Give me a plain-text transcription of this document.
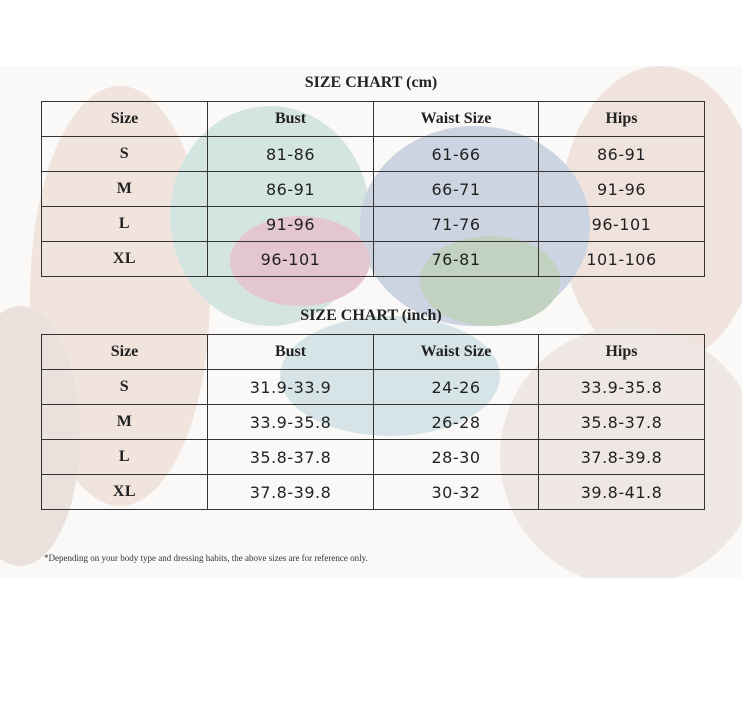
SIZE CHART (cm)
Size	Bust	Waist Size	Hips
S	81-86	61-66	86-91
M	86-91	66-71	91-96
L	91-96	71-76	96-101
XL	96-101	76-81	101-106
SIZE CHART (inch)
Size	Bust	Waist Size	Hips
S	31.9-33.9	24-26	33.9-35.8
M	33.9-35.8	26-28	35.8-37.8
L	35.8-37.8	28-30	37.8-39.8
XL	37.8-39.8	30-32	39.8-41.8
*Depending on your body type and dressing habits, the above sizes are for reference only.
